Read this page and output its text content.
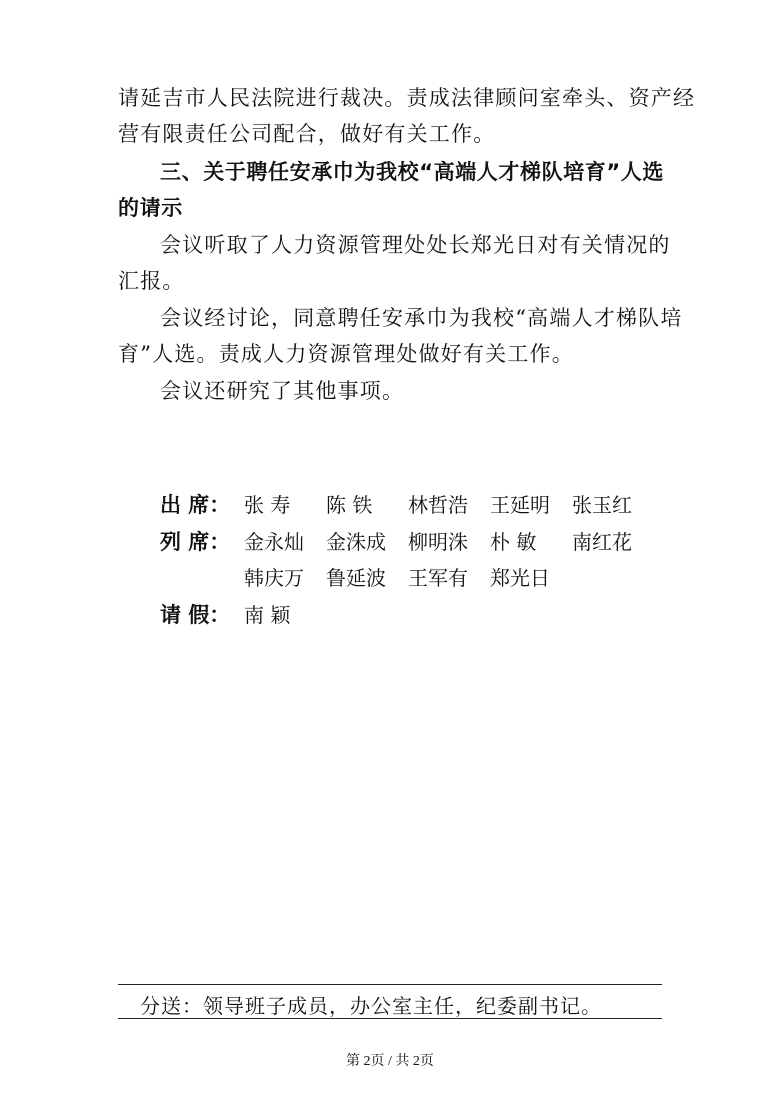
请延吉市人民法院进行裁决。责成法律顾问室牵头、资产经
营有限责任公司配合，做好有关工作。
三、关于聘任安承巾为我校“高端人才梯队培育”人选
的请示
会议听取了人力资源管理处处长郑光日对有关情况的
汇报。
会议经讨论，同意聘任安承巾为我校“高端人才梯队培
育”人选。责成人力资源管理处做好有关工作。
会议还研究了其他事项。
出 席： 张 寿	陈 铁	林哲浩	王延明	张玉红
列 席： 金永灿	金洙成	柳明洙	朴 敏	南红花
韩庆万	鲁延波	王军有	郑光日
请 假： 南 颖
分送：领导班子成员，办公室主任，纪委副书记。
第 2页 / 共 2页
